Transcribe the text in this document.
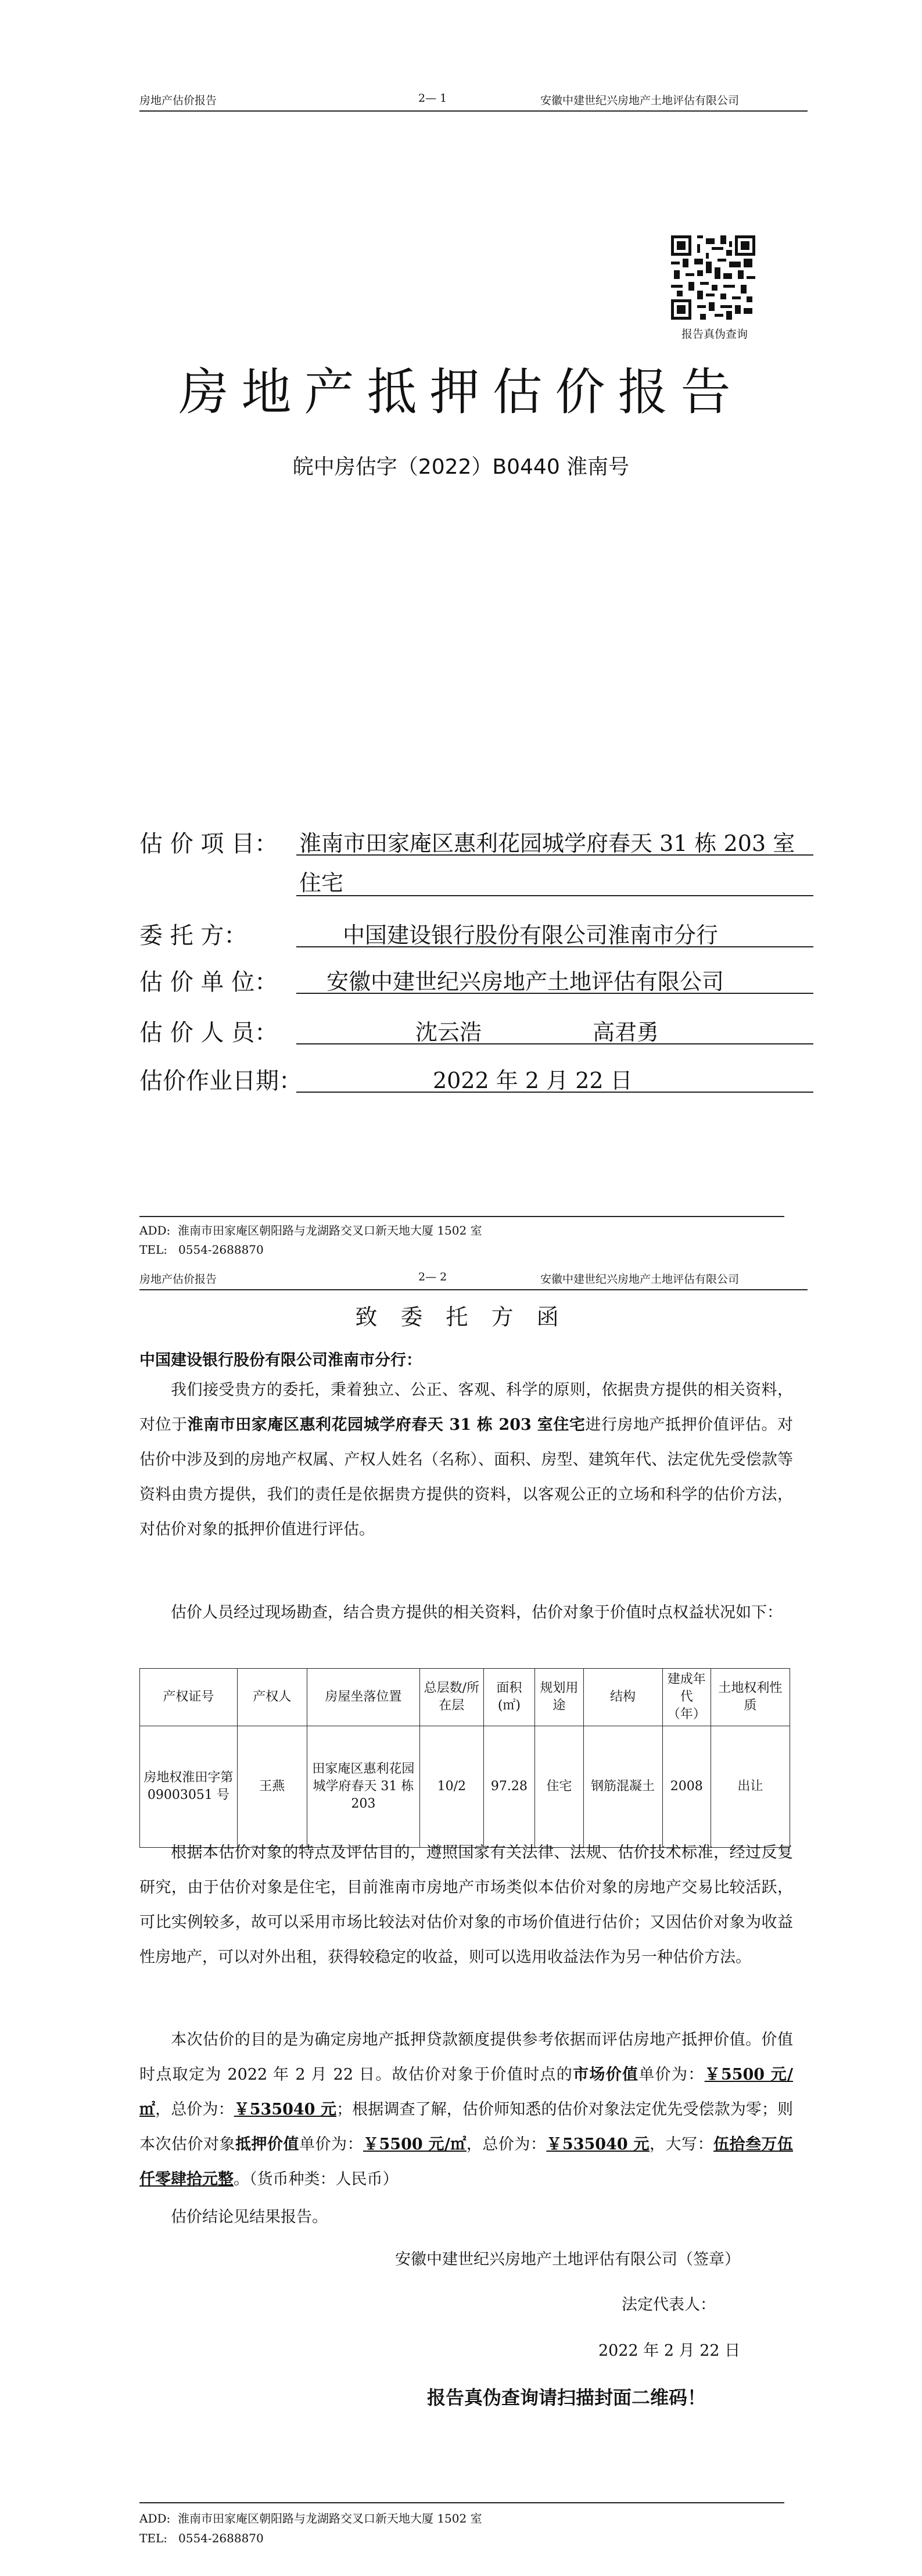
房地产估价报告	2— 1	安徽中建世纪兴房地产土地评估有限公司
报告真伪查询
房地产抵押估价报告
皖中房估字（2022）B0440 淮南号
估 价 项 目： 淮南市田家庵区惠利花园城学府春天 31 栋 203 室
住宅
委 托 方：	中国建设银行股份有限公司淮南市分行
估 价 单 位： 安徽中建世纪兴房地产土地评估有限公司
估 价 人 员：	沈云浩	高君勇
估价作业日期：	2022 年 2 月 22 日
ADD:  淮南市田家庵区朝阳路与龙湖路交叉口新天地大厦 1502 室
TEL:   0554-2688870
房地产估价报告	2— 2	安徽中建世纪兴房地产土地评估有限公司
致 委 托 方 函
中国建设银行股份有限公司淮南市分行：

我们接受贵方的委托，秉着独立、公正、客观、科学的原则，依据贵方提供的相关资料，对位于淮南市田家庵区惠利花园城学府春天 31 栋 203 室住宅进行房地产抵押价值评估。对估价中涉及到的房地产权属、产权人姓名（名称）、面积、房型、建筑年代、法定优先受偿款等资料由贵方提供，我们的责任是依据贵方提供的资料，以客观公正的立场和科学的估价方法，对估价对象的抵押价值进行评估。

估价人员经过现场勘查，结合贵方提供的相关资料，估价对象于价值时点权益状况如下：

产权证号	产权人	房屋坐落位置	总层数/所在层	面积(㎡)	规划用途	结构	建成年代（年）	土地权利性质
房地权淮田字第 09003051 号	王燕	田家庵区惠利花园城学府春天 31 栋 203	10/2	97.28	住宅	钢筋混凝土	2008	出让

根据本估价对象的特点及评估目的，遵照国家有关法律、法规、估价技术标准，经过反复研究，由于估价对象是住宅，目前淮南市房地产市场类似本估价对象的房地产交易比较活跃，可比实例较多，故可以采用市场比较法对估价对象的市场价值进行估价；又因估价对象为收益性房地产，可以对外出租，获得较稳定的收益，则可以选用收益法作为另一种估价方法。

本次估价的目的是为确定房地产抵押贷款额度提供参考依据而评估房地产抵押价值。价值时点取定为 2022 年 2 月 22 日。故估价对象于价值时点的市场价值单价为：￥5500 元/㎡，总价为：￥535040 元；根据调查了解，估价师知悉的估价对象法定优先受偿款为零；则本次估价对象抵押价值单价为：￥5500 元/㎡，总价为：￥535040 元，大写：伍拾叁万伍仟零肆拾元整。（货币种类：人民币）

估价结论见结果报告。

安徽中建世纪兴房地产土地评估有限公司（签章）
法定代表人：
2022 年 2 月 22 日
报告真伪查询请扫描封面二维码！
ADD:  淮南市田家庵区朝阳路与龙湖路交叉口新天地大厦 1502 室
TEL:   0554-2688870
